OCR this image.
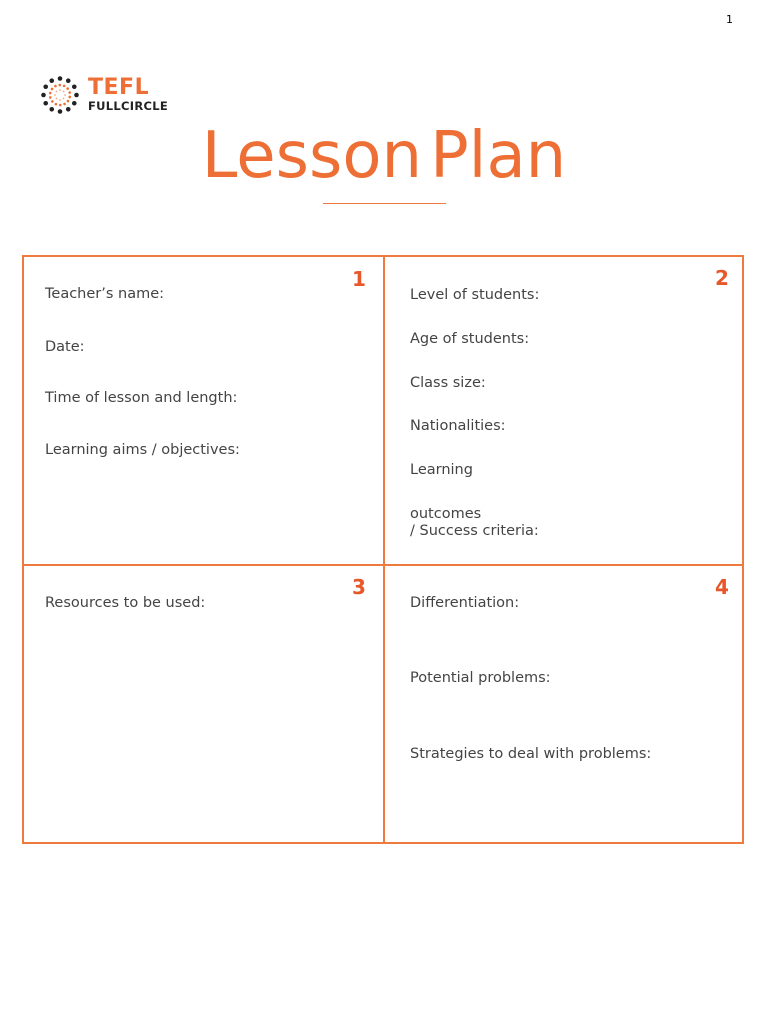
1
TEFL
FULLCIRCLE
Lesson Plan
1
Teacher’s name:
Date:
Time of lesson and length:
Learning aims / objectives:
2
Level of students:
Age of students:
Class size:
Nationalities:
Learning
outcomes
/ Success criteria:
3
Resources to be used:
4
Differentiation:
Potential problems:
Strategies to deal with problems:
